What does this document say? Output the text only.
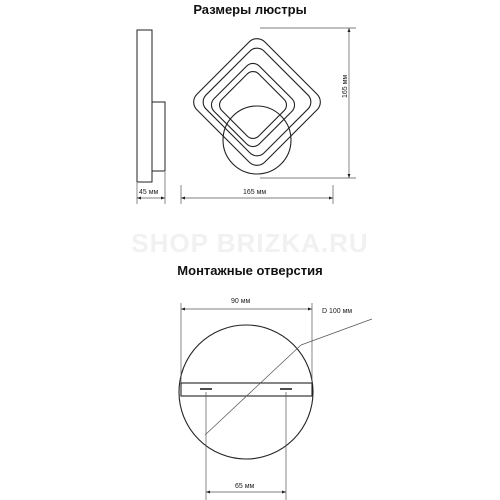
Размеры люстры
SHOP BRIZKA.RU
Монтажные отверстия
45 мм	165 мм
165 мм
90 мм
D 100 мм
65 мм
